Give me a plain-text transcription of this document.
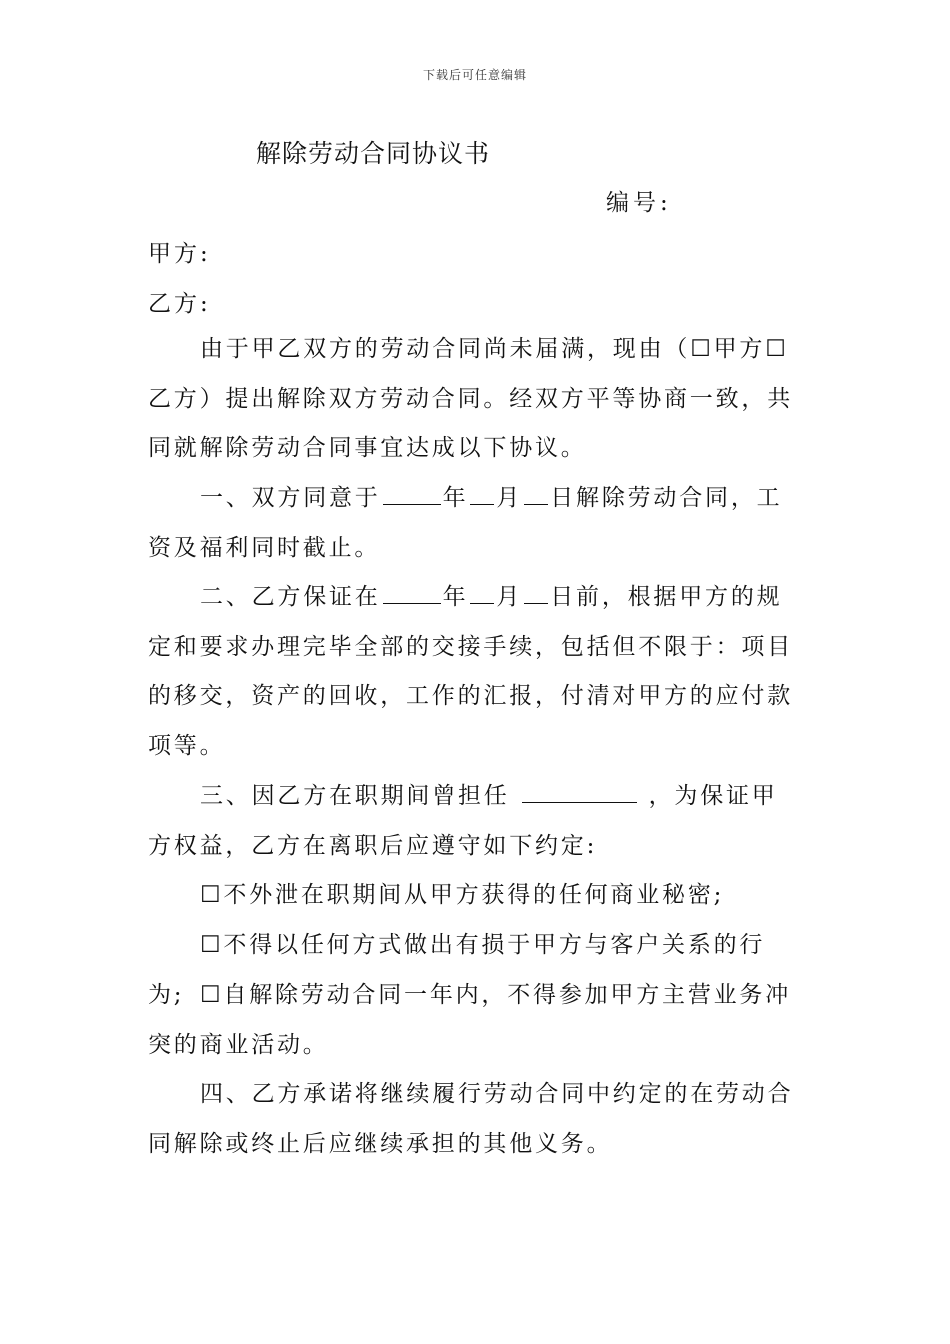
下载后可任意编辑
解除劳动合同协议书
编号:
甲方:
乙方:
由于甲乙双方的劳动合同尚未届满，现由（☐甲方☐乙方）提出解除双方劳动合同。经双方平等协商一致，共同就解除劳动合同事宜达成以下协议。
一、双方同意于	年 月 日解除劳动合同，工资及福利同时截止。
二、乙方保证在	年 月 日前，根据甲方的规定和要求办理完毕全部的交接手续，包括但不限于：项目的移交，资产的回收，工作的汇报，付清对甲方的应付款项等。
三、因乙方在职期间曾担任	，为保证甲方权益，乙方在离职后应遵守如下约定:
☐不外泄在职期间从甲方获得的任何商业秘密;
☐不得以任何方式做出有损于甲方与客户关系的行为; ☐自解除劳动合同一年内，不得参加甲方主营业务冲突的商业活动。
四、乙方承诺将继续履行劳动合同中约定的在劳动合同解除或终止后应继续承担的其他义务。
